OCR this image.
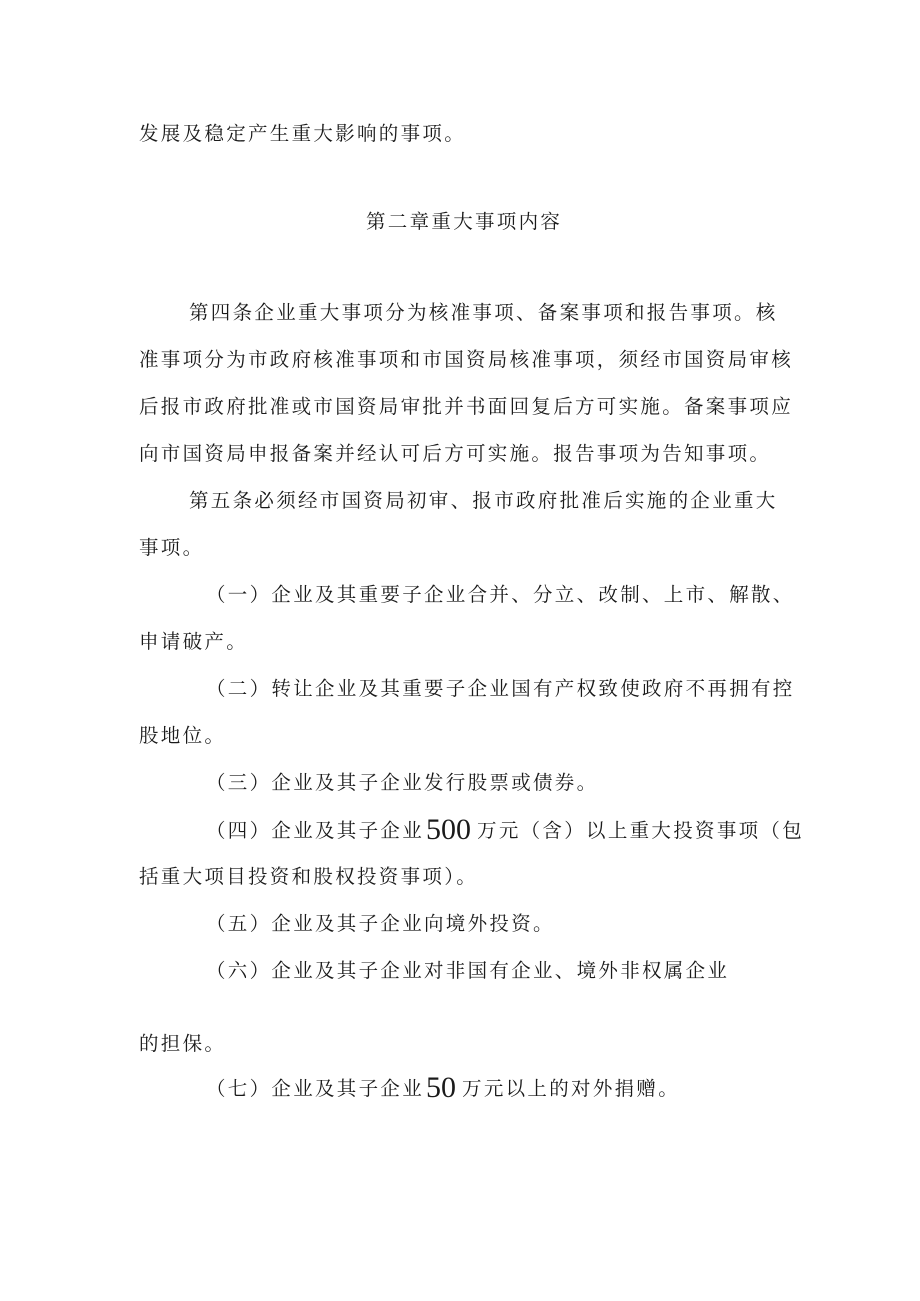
发展及稳定产生重大影响的事项。
第二章重大事项内容
第四条企业重大事项分为核准事项、备案事项和报告事项。核
准事项分为市政府核准事项和市国资局核准事项，须经市国资局审核
后报市政府批准或市国资局审批并书面回复后方可实施。备案事项应
向市国资局申报备案并经认可后方可实施。报告事项为告知事项。
第五条必须经市国资局初审、报市政府批准后实施的企业重大
事项。
（一）企业及其重要子企业合并、分立、改制、上市、解散、
申请破产。
（二）转让企业及其重要子企业国有产权致使政府不再拥有控
股地位。
（三）企业及其子企业发行股票或债券。
（四）企业及其子企业500 万元（含）以上重大投资事项（包
括重大项目投资和股权投资事项）。
（五）企业及其子企业向境外投资。
（六）企业及其子企业对非国有企业、境外非权属企业
的担保。
（七）企业及其子企业50 万元以上的对外捐赠。
